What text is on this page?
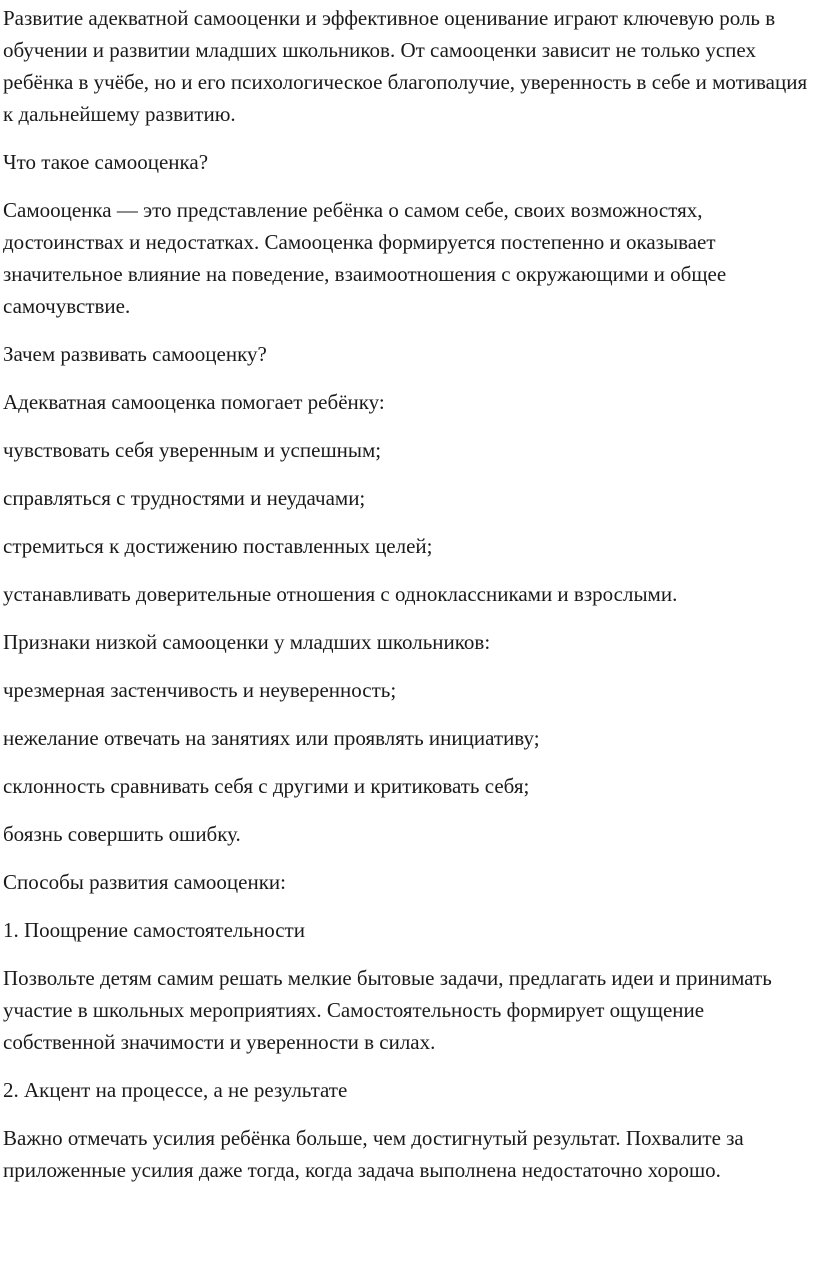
Развитие адекватной самооценки и эффективное оценивание играют ключевую роль в обучении и развитии младших школьников. От самооценки зависит не только успех ребёнка в учёбе, но и его психологическое благополучие, уверенность в себе и мотивация к дальнейшему развитию.

Что такое самооценка?

Самооценка — это представление ребёнка о самом себе, своих возможностях, достоинствах и недостатках. Самооценка формируется постепенно и оказывает значительное влияние на поведение, взаимоотношения с окружающими и общее самочувствие.

Зачем развивать самооценку?

Адекватная самооценка помогает ребёнку:

чувствовать себя уверенным и успешным;

справляться с трудностями и неудачами;

стремиться к достижению поставленных целей;

устанавливать доверительные отношения с одноклассниками и взрослыми.

Признаки низкой самооценки у младших школьников:

чрезмерная застенчивость и неуверенность;

нежелание отвечать на занятиях или проявлять инициативу;

склонность сравнивать себя с другими и критиковать себя;

боязнь совершить ошибку.

Способы развития самооценки:

1. Поощрение самостоятельности

Позвольте детям самим решать мелкие бытовые задачи, предлагать идеи и принимать участие в школьных мероприятиях. Самостоятельность формирует ощущение собственной значимости и уверенности в силах.

2. Акцент на процессе, а не результате

Важно отмечать усилия ребёнка больше, чем достигнутый результат. Похвалите за приложенные усилия даже тогда, когда задача выполнена недостаточно хорошо.
